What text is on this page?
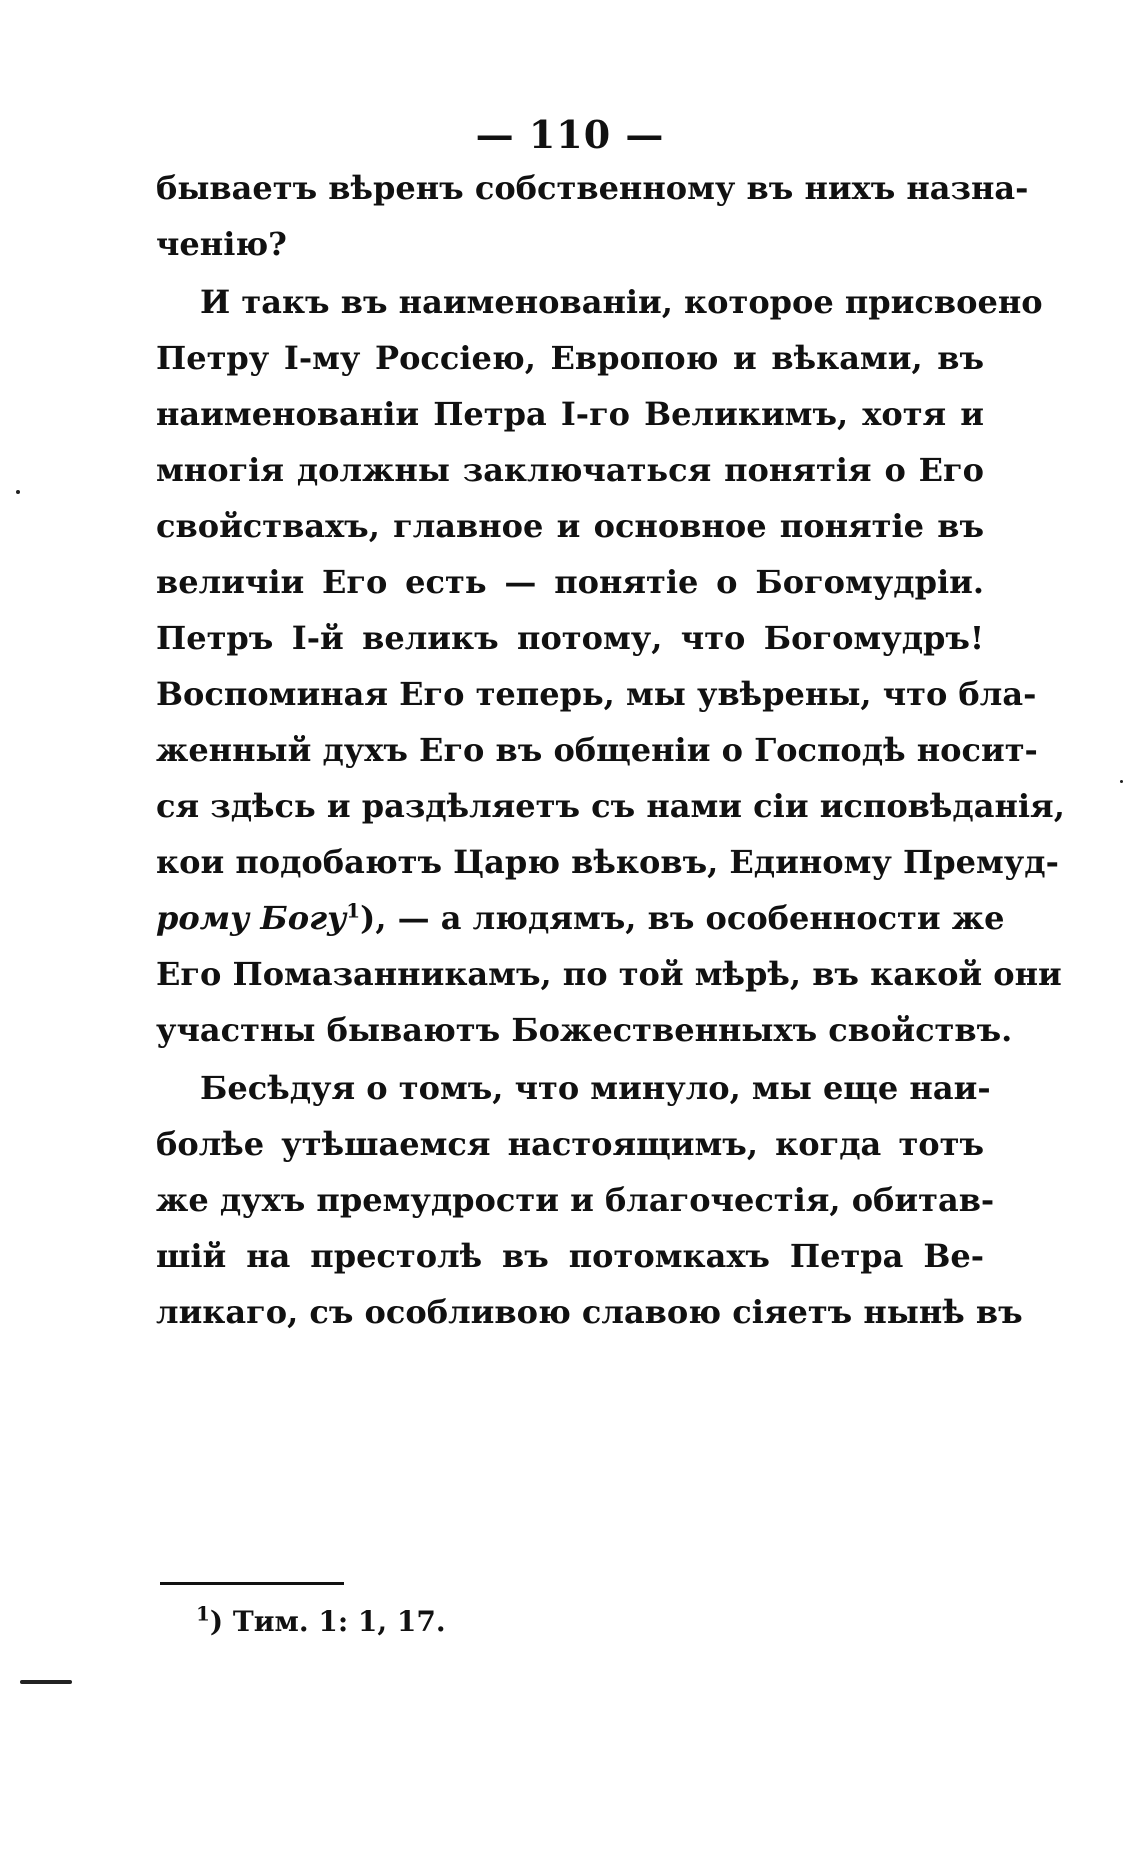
— 110 —
бываетъ вѣренъ собственному въ нихъ назна-
ченію?
И такъ въ наименованіи, которое присвоено
Петру I-му Россіею, Европою и вѣками, въ
наименованіи Петра I-го Великимъ, хотя и
многія должны заключаться понятія о Его
свойствахъ, главное и основное понятіе въ
величіи Его есть — понятіе о Богомудріи.
Петръ I-й великъ потому, что Богомудръ!
Воспоминая Его теперь, мы увѣрены, что бла-
женный духъ Его въ общеніи о Господѣ носит-
ся здѣсь и раздѣляетъ съ нами сіи исповѣданія,
кои подобаютъ Царю вѣковъ, Единому Премуд-
рому Богу$^1$), — а людямъ, въ особенности же
Его Помазанникамъ, по той мѣрѣ, въ какой они
участны бываютъ Божественныхъ свойствъ.
Бесѣдуя о томъ, что минуло, мы еще наи-
болѣе утѣшаемся настоящимъ, когда тотъ
же духъ премудрости и благочестія, обитав-
шій на престолѣ въ потомкахъ Петра Ве-
ликаго, съ особливою славою сіяетъ нынѣ въ
$^1$) Тим. 1: 1, 17.
